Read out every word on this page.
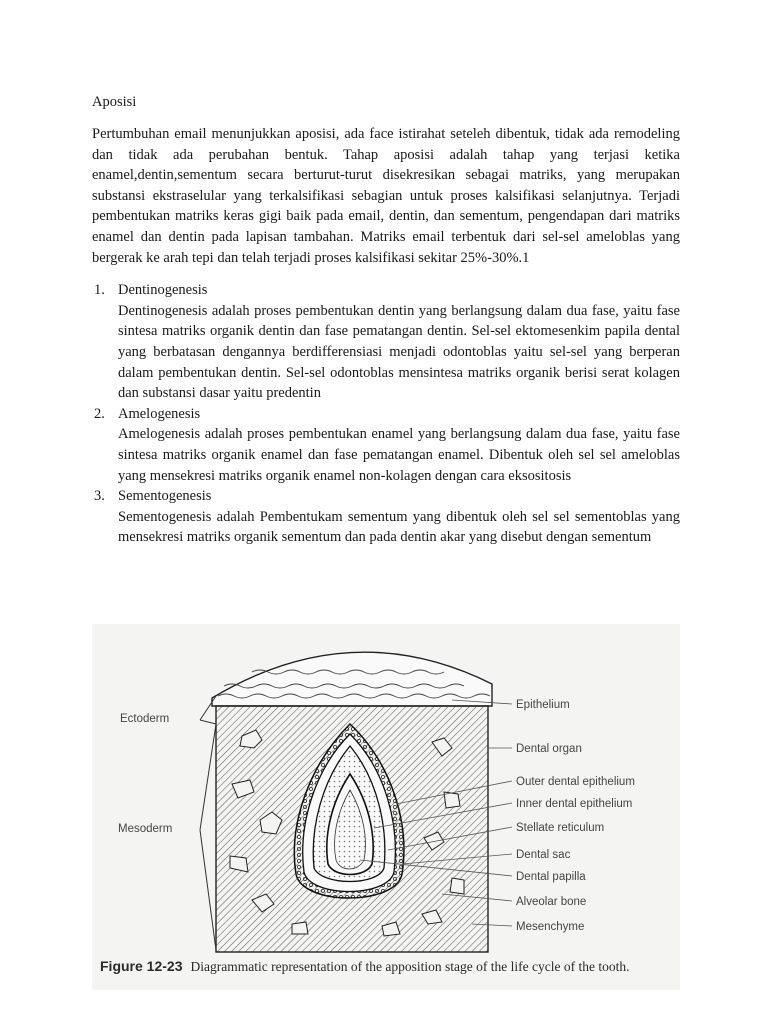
Aposisi

Pertumbuhan email menunjukkan aposisi, ada face istirahat seteleh dibentuk, tidak ada remodeling dan tidak ada perubahan bentuk. Tahap aposisi adalah tahap yang terjasi ketika enamel,dentin,sementum secara berturut-turut disekresikan sebagai matriks, yang merupakan substansi ekstraselular yang terkalsifikasi sebagian untuk proses kalsifikasi selanjutnya. Terjadi pembentukan matriks keras gigi baik pada email, dentin, dan sementum, pengendapan dari matriks enamel dan dentin pada lapisan tambahan. Matriks email terbentuk dari sel-sel ameloblas yang bergerak ke arah tepi dan telah terjadi proses kalsifikasi sekitar 25%-30%.1

1. Dentinogenesis
Dentinogenesis adalah proses pembentukan dentin yang berlangsung dalam dua fase, yaitu fase sintesa matriks organik dentin dan fase pematangan dentin. Sel-sel ektomesenkim papila dental yang berbatasan dengannya berdifferensiasi menjadi odontoblas yaitu sel-sel yang berperan dalam pembentukan dentin. Sel-sel odontoblas mensintesa matriks organik berisi serat kolagen dan substansi dasar yaitu predentin
2. Amelogenesis
Amelogenesis adalah proses pembentukan enamel yang berlangsung dalam dua fase, yaitu fase sintesa matriks organik enamel dan fase pematangan enamel. Dibentuk oleh sel sel ameloblas yang mensekresi matriks organik enamel non-kolagen dengan cara eksositosis
3. Sementogenesis
Sementogenesis adalah Pembentukam sementum yang dibentuk oleh sel sel sementoblas yang mensekresi matriks organik sementum dan pada dentin akar yang disebut dengan sementum
Ectoderm
Mesoderm
Epithelium
Dental organ
Outer dental epithelium
Inner dental epithelium
Stellate reticulum
Dental sac
Dental papilla
Alveolar bone
Mesenchyme
Figure 12-23 Diagrammatic representation of the apposition stage of the life cycle of the tooth.
